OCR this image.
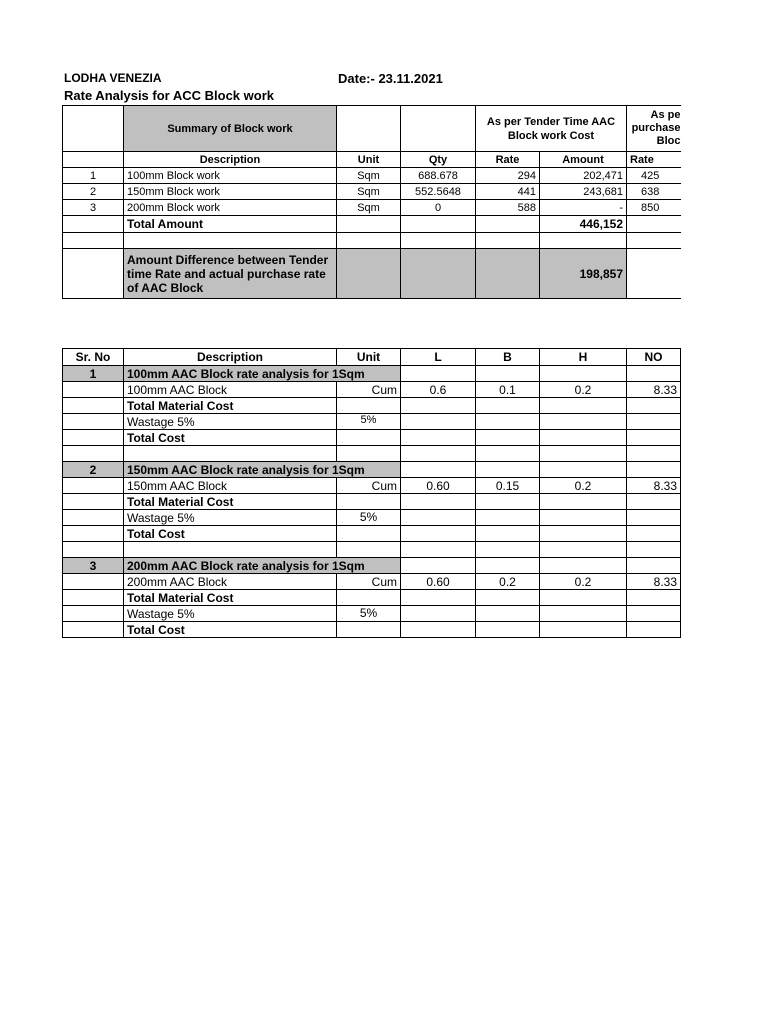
LODHA VENEZIA	Date:- 23.11.2021
Rate Analysis for ACC Block work
	Summary of Block work			As per Tender Time AAC Block work Cost		As pe
purchase
Bloc

	Description	Unit	Qty	Rate	Amount	Rate
1	100mm Block work	Sqm	688.678	294	202,471	425
2	150mm Block work	Sqm	552.5648	441	243,681	638
3	200mm Block work	Sqm	0	588	-	850
	Total Amount				446,152	

	Amount Difference between Tender time Rate and actual purchase rate of AAC Block				198,857	
Sr. No	Description	Unit	L	B	H	NO
1	100mm AAC Block rate analysis for 1Sqm					
	100mm AAC Block	Cum	0.6	0.1	0.2	8.33
	Total Material Cost					
	Wastage 5%	5%				
	Total Cost					

2	150mm AAC Block rate analysis for 1Sqm					
	150mm AAC Block	Cum	0.60	0.15	0.2	8.33
	Total Material Cost					
	Wastage 5%	5%				
	Total Cost					

3	200mm AAC Block rate analysis for 1Sqm					
	200mm AAC Block	Cum	0.60	0.2	0.2	8.33
	Total Material Cost					
	Wastage 5%	5%				
	Total Cost					
